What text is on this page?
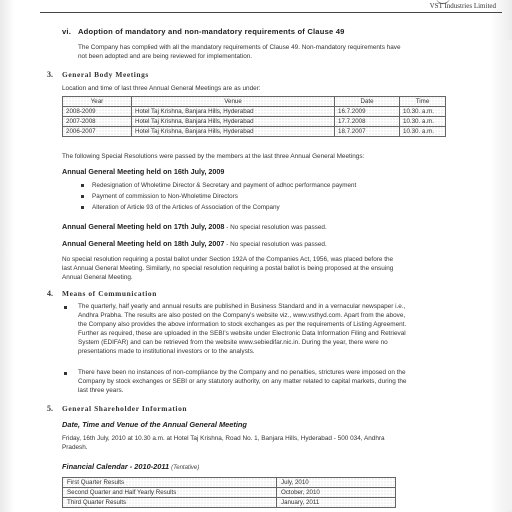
VST Industries Limited
vi. Adoption of mandatory and non-mandatory requirements of Clause 49
The Company has complied with all the mandatory requirements of Clause 49. Non-mandatory requirements have
not been adopted and are being reviewed for implementation.
3. General Body Meetings
Location and time of last three Annual General Meetings are as under:
Year	Venue	Date	Time
2008-2009	Hotel Taj Krishna, Banjara Hills, Hyderabad	16.7.2009	10.30. a.m.
2007-2008	Hotel Taj Krishna, Banjara Hills, Hyderabad	17.7.2008	10.30. a.m.
2006-2007	Hotel Taj Krishna, Banjara Hills, Hyderabad	18.7.2007	10.30. a.m.
The following Special Resolutions were passed by the members at the last three Annual General Meetings:
Annual General Meeting held on 16th July, 2009
Redesignation of Wholetime Director & Secretary and payment of adhoc performance payment
Payment of commission to Non-Wholetime Directors
Alteration of Article 93 of the Articles of Association of the Company
Annual General Meeting held on 17th July, 2008 - No special resolution was passed.
Annual General Meeting held on 18th July, 2007 - No special resolution was passed.
No special resolution requiring a postal ballot under Section 192A of the Companies Act, 1956, was placed before the
last Annual General Meeting. Similarly, no special resolution requiring a postal ballot is being proposed at the ensuing
Annual General Meeting.
4. Means of Communication
The quarterly, half yearly and annual results are published in Business Standard and in a vernacular newspaper i.e.,
Andhra Prabha. The results are also posted on the Company's website viz., www.vsthyd.com. Apart from the above,
the Company also provides the above information to stock exchanges as per the requirements of Listing Agreement.
Further as required, these are uploaded in the SEBI's website under Electronic Data Information Filing and Retrieval
System (EDIFAR) and can be retrieved from the website www.sebiedifar.nic.in. During the year, there were no
presentations made to institutional investors or to the analysts.
There have been no instances of non-compliance by the Company and no penalties, strictures were imposed on the
Company by stock exchanges or SEBI or any statutory authority, on any matter related to capital markets, during the
last three years.
5. General Shareholder Information
Date, Time and Venue of the Annual General Meeting
Friday, 16th July, 2010 at 10.30 a.m. at Hotel Taj Krishna, Road No. 1, Banjara Hills, Hyderabad - 500 034, Andhra
Pradesh.
Financial Calendar - 2010-2011 (Tentative)
First Quarter Results	July, 2010
Second Quarter and Half Yearly Results	October, 2010
Third Quarter Results	January, 2011
